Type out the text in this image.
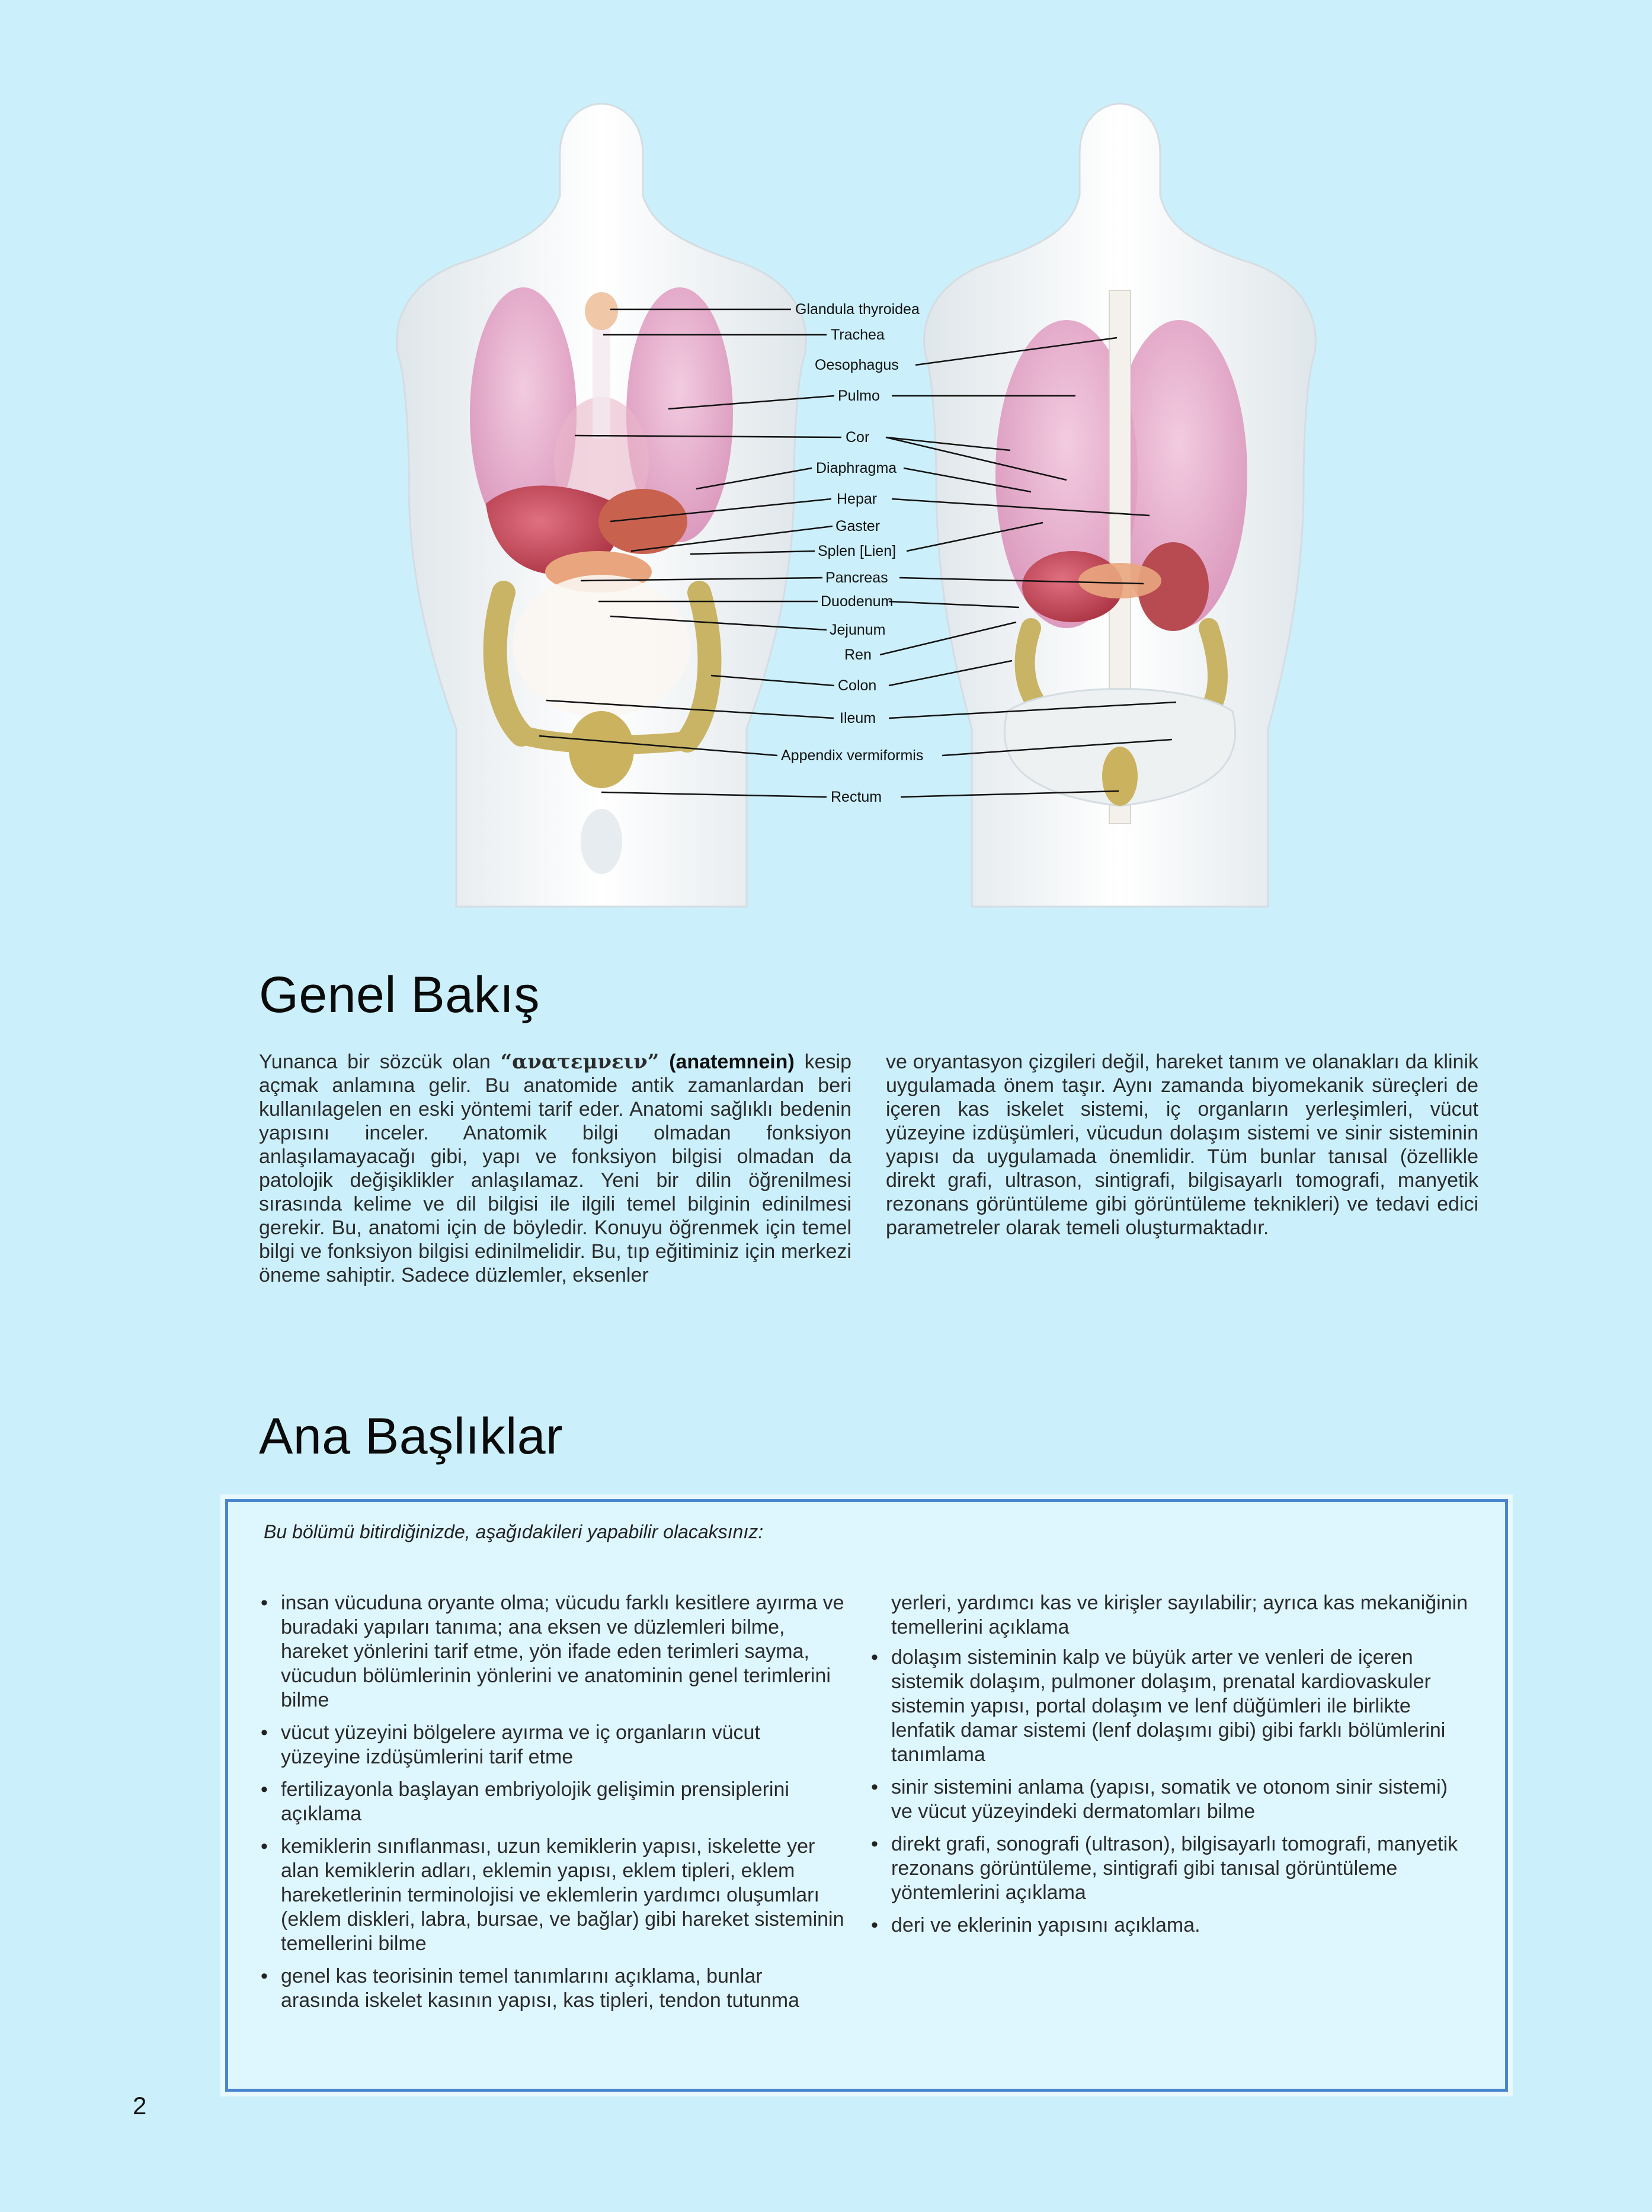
Glandula thyroidea
Trachea
Oesophagus
Pulmo
Cor
Diaphragma
Hepar
Gaster
Splen [Lien]
Pancreas
Duodenum
Jejunum
Ren
Colon
Ileum
Appendix vermiformis
Rectum
Genel Bakış

Yunanca bir sözcük olan “ανατεμνειν” (anatemnein) kesip açmak anlamına gelir. Bu anatomide antik zamanlardan beri kullanılagelen en eski yöntemi tarif eder. Anatomi sağlıklı bedenin yapısını inceler. Anatomik bilgi olmadan fonksiyon anlaşılamayacağı gibi, yapı ve fonksiyon bilgisi olmadan da patolojik değişiklikler anlaşılamaz. Yeni bir dilin öğrenilmesi sırasında kelime ve dil bilgisi ile ilgili temel bilginin edinilmesi gerekir. Bu, anatomi için de böyledir. Konuyu öğrenmek için temel bilgi ve fonksiyon bilgisi edinilmelidir. Bu, tıp eğitiminiz için merkezi öneme sahiptir. Sadece düzlemler, eksenler

ve oryantasyon çizgileri değil, hareket tanım ve olanakları da klinik uygulamada önem taşır. Aynı zamanda biyomekanik süreçleri de içeren kas iskelet sistemi, iç organların yerleşimleri, vücut yüzeyine izdüşümleri, vücudun dolaşım sistemi ve sinir sisteminin yapısı da uygulamada önemlidir. Tüm bunlar tanısal (özellikle direkt grafi, ultrason, sintigrafi, bilgisayarlı tomografi, manyetik rezonans görüntüleme gibi görüntüleme teknikleri) ve tedavi edici parametreler olarak temeli oluşturmaktadır.

Ana Başlıklar

Bu bölümü bitirdiğinizde, aşağıdakileri yapabilir olacaksınız:

• insan vücuduna oryante olma; vücudu farklı kesitlere ayırma ve buradaki yapıları tanıma; ana eksen ve düzlemleri bilme, hareket yönlerini tarif etme, yön ifade eden terimleri sayma, vücudun bölümlerinin yönlerini ve anatominin genel terimlerini bilme
• vücut yüzeyini bölgelere ayırma ve iç organların vücut yüzeyine izdüşümlerini tarif etme
• fertilizayonla başlayan embriyolojik gelişimin prensiplerini açıklama
• kemiklerin sınıflanması, uzun kemiklerin yapısı, iskelette yer alan kemiklerin adları, eklemin yapısı, eklem tipleri, eklem hareketlerinin terminolojisi ve eklemlerin yardımcı oluşumları (eklem diskleri, labra, bursae, ve bağlar) gibi hareket sisteminin temellerini bilme
• genel kas teorisinin temel tanımlarını açıklama, bunlar arasında iskelet kasının yapısı, kas tipleri, tendon tutunma

yerleri, yardımcı kas ve kirişler sayılabilir; ayrıca kas mekaniğinin temellerini açıklama

• dolaşım sisteminin kalp ve büyük arter ve venleri de içeren sistemik dolaşım, pulmoner dolaşım, prenatal kardiovaskuler sistemin yapısı, portal dolaşım ve lenf düğümleri ile birlikte lenfatik damar sistemi (lenf dolaşımı gibi) gibi farklı bölümlerini tanımlama
• sinir sistemini anlama (yapısı, somatik ve otonom sinir sistemi) ve vücut yüzeyindeki dermatomları bilme
• direkt grafi, sonografi (ultrason), bilgisayarlı tomografi, manyetik rezonans görüntüleme, sintigrafi gibi tanısal görüntüleme yöntemlerini açıklama
• deri ve eklerinin yapısını açıklama.
2
